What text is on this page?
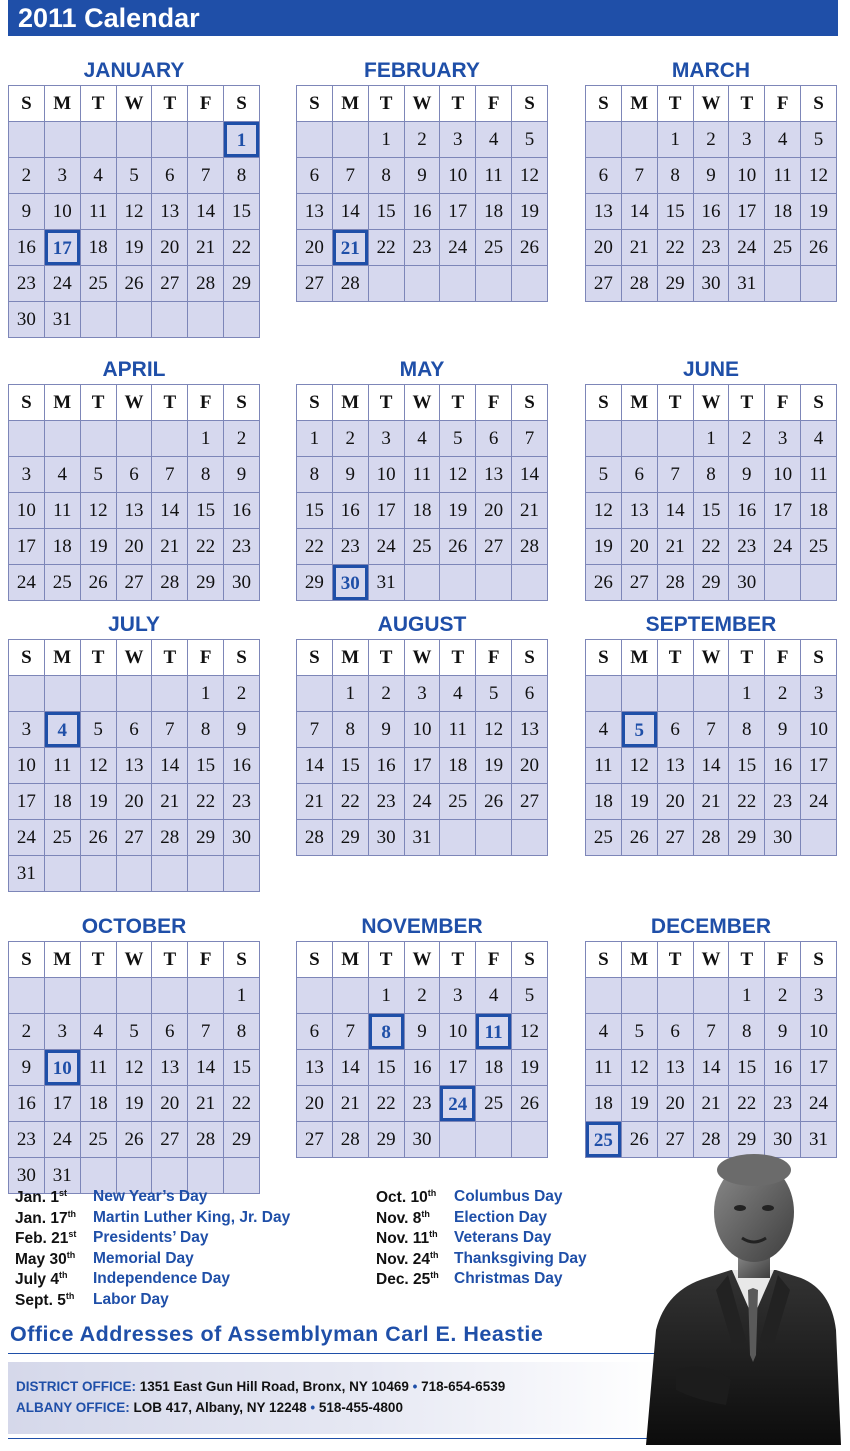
2011 Calendar
JANUARY
S	M	T	W	T	F	S

						1

2	3	4	5	6	7	8
9	10	11	12	13	14	15
16	17	18	19	20	21	22
23	24	25	26	27	28	29
30	31					
FEBRUARY
S	M	T	W	T	F	S
		1	2	3	4	5
6	7	8	9	10	11	12
13	14	15	16	17	18	19
20	21	22	23	24	25	26
27	28					
MARCH
S	M	T	W	T	F	S
		1	2	3	4	5
6	7	8	9	10	11	12
13	14	15	16	17	18	19
20	21	22	23	24	25	26
27	28	29	30	31		
APRIL
S	M	T	W	T	F	S
					1	2
3	4	5	6	7	8	9
10	11	12	13	14	15	16
17	18	19	20	21	22	23
24	25	26	27	28	29	30
MAY
S	M	T	W	T	F	S
1	2	3	4	5	6	7
8	9	10	11	12	13	14
15	16	17	18	19	20	21
22	23	24	25	26	27	28
29	30	31				
JUNE
S	M	T	W	T	F	S
			1	2	3	4
5	6	7	8	9	10	11
12	13	14	15	16	17	18
19	20	21	22	23	24	25
26	27	28	29	30		
JULY
S	M	T	W	T	F	S
					1	2
3	4	5	6	7	8	9
10	11	12	13	14	15	16
17	18	19	20	21	22	23
24	25	26	27	28	29	30
31						
AUGUST
S	M	T	W	T	F	S
	1	2	3	4	5	6
7	8	9	10	11	12	13
14	15	16	17	18	19	20
21	22	23	24	25	26	27
28	29	30	31			
SEPTEMBER
S	M	T	W	T	F	S
				1	2	3
4	5	6	7	8	9	10
11	12	13	14	15	16	17
18	19	20	21	22	23	24
25	26	27	28	29	30	
OCTOBER
S	M	T	W	T	F	S
						1
2	3	4	5	6	7	8
9	10	11	12	13	14	15
16	17	18	19	20	21	22
23	24	25	26	27	28	29
30	31					
NOVEMBER
S	M	T	W	T	F	S
		1	2	3	4	5
6	7	8	9	10	11	12
13	14	15	16	17	18	19
20	21	22	23	24	25	26
27	28	29	30			
DECEMBER
S	M	T	W	T	F	S
				1	2	3
4	5	6	7	8	9	10
11	12	13	14	15	16	17
18	19	20	21	22	23	24

25	26	27	28	29	30	31
Jan. 1st New Year’s Day
Jan. 17th Martin Luther King, Jr. Day
Feb. 21st Presidents’ Day
May 30th Memorial Day
July 4th Independence Day
Sept. 5th Labor Day
Oct. 10th Columbus Day
Nov. 8th Election Day
Nov. 11th Veterans Day
Nov. 24th Thanksgiving Day
Dec. 25th Christmas Day
Office Addresses of Assemblyman Carl E. Heastie
DISTRICT OFFICE: 1351 East Gun Hill Road, Bronx, NY 10469 • 718-654-6539
ALBANY OFFICE: LOB 417, Albany, NY 12248 • 518-455-4800
